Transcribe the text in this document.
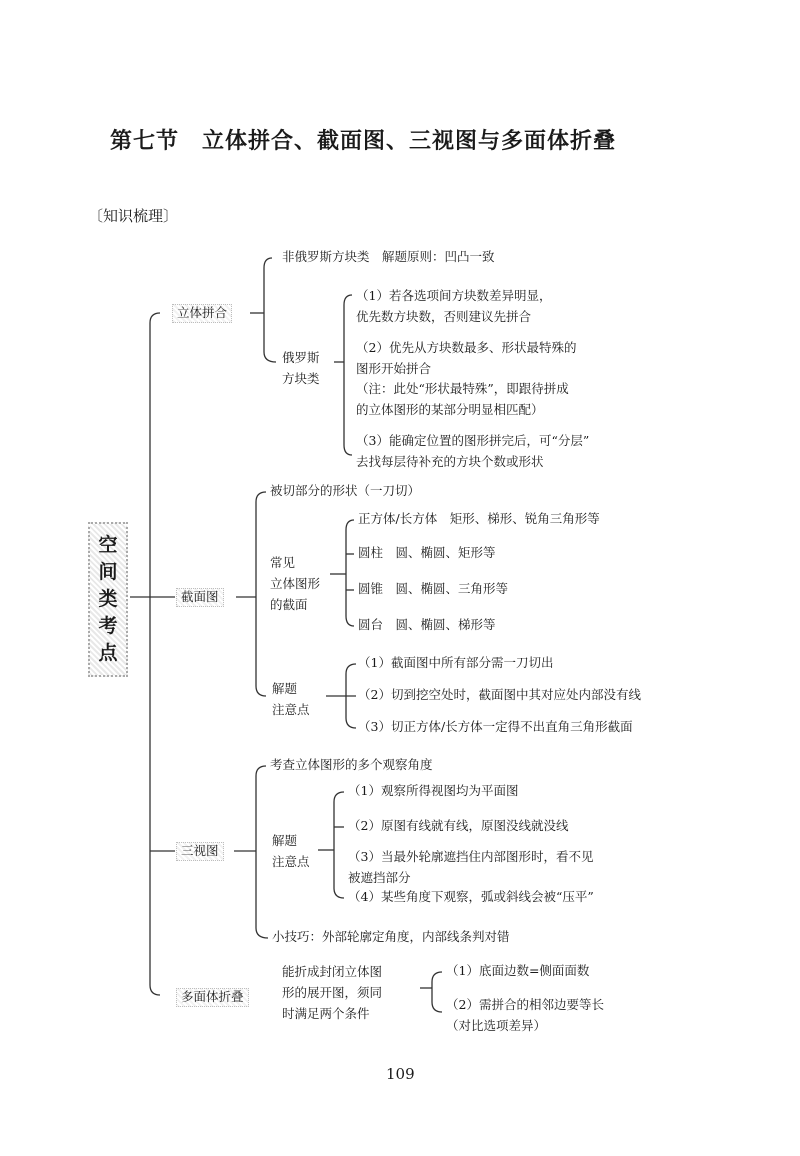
第七节　立体拼合、截面图、三视图与多面体折叠
〔知识梳理〕
空
间
类
考
点
立体拼合
截面图
三视图
多面体折叠
非俄罗斯方块类　解题原则：凹凸一致
俄罗斯
方块类
（1）若各选项间方块数差异明显，
优先数方块数，否则建议先拼合
（2）优先从方块数最多、形状最特殊的
图形开始拼合
（注：此处“形状最特殊”，即跟待拼成
的立体图形的某部分明显相匹配）
（3）能确定位置的图形拼完后，可“分层”
去找每层待补充的方块个数或形状
被切部分的形状（一刀切）
常见
立体图形
的截面
正方体/长方体　矩形、梯形、锐角三角形等
圆柱　圆、椭圆、矩形等
圆锥　圆、椭圆、三角形等
圆台　圆、椭圆、梯形等
解题
注意点
（1）截面图中所有部分需一刀切出
（2）切到挖空处时，截面图中其对应处内部没有线
（3）切正方体/长方体一定得不出直角三角形截面
考查立体图形的多个观察角度
解题
注意点
（1）观察所得视图均为平面图
（2）原图有线就有线，原图没线就没线
（3）当最外轮廓遮挡住内部图形时，看不见
被遮挡部分
（4）某些角度下观察，弧或斜线会被“压平”
小技巧：外部轮廓定角度，内部线条判对错
能折成封闭立体图
形的展开图，须同
时满足两个条件
（1）底面边数=侧面面数
（2）需拼合的相邻边要等长
（对比选项差异）
109
